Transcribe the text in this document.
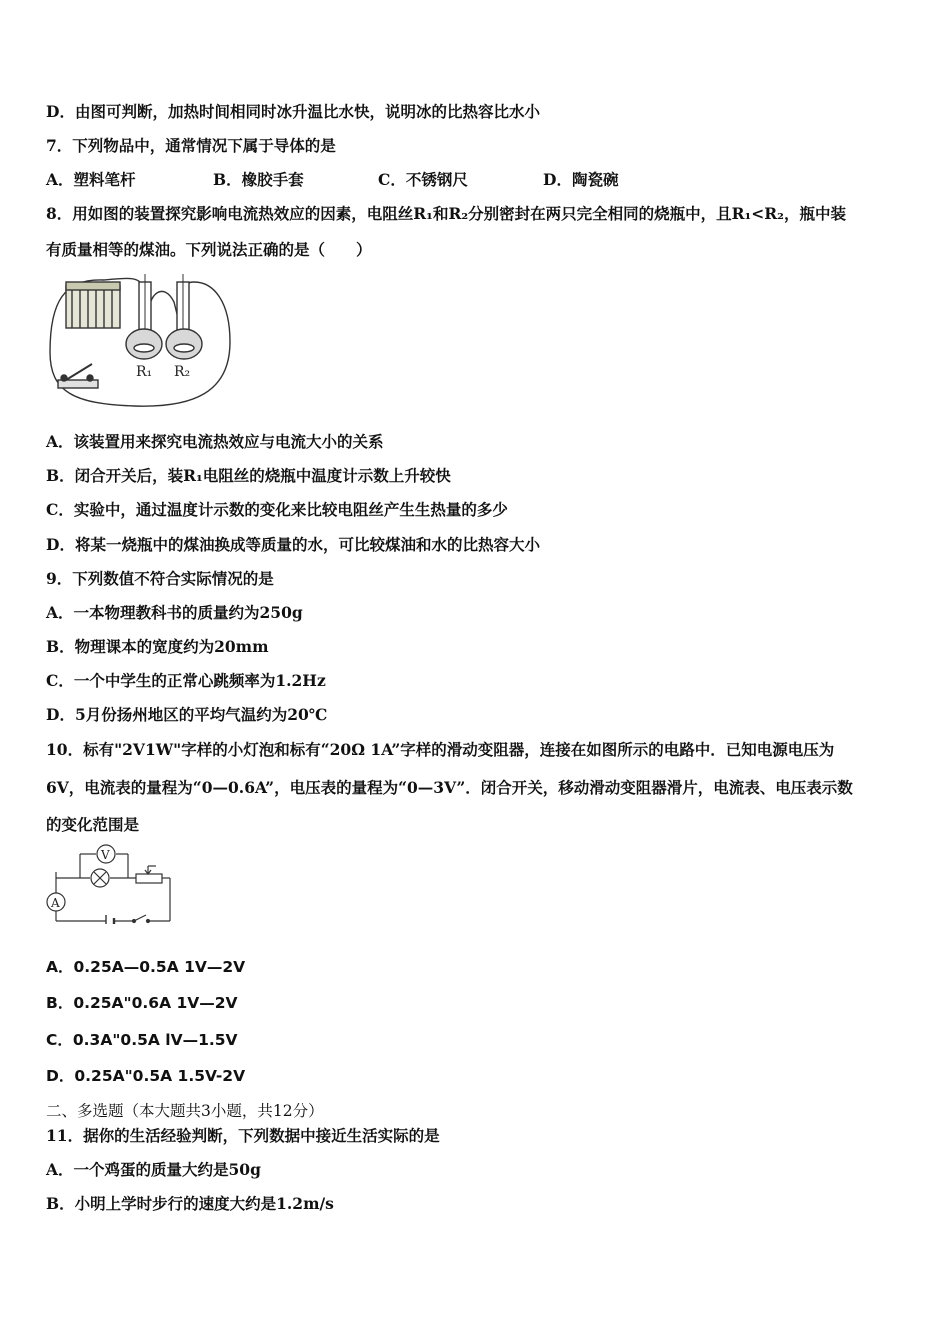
D．由图可判断，加热时间相同时冰升温比水快，说明冰的比热容比水小
7．下列物品中，通常情况下属于导体的是
A．塑料笔杆	B．橡胶手套	C．不锈钢尺	D．陶瓷碗
8．用如图的装置探究影响电流热效应的因素，电阻丝R₁和R₂分别密封在两只完全相同的烧瓶中，且R₁<R₂，瓶中装
有质量相等的煤油。下列说法正确的是（　　）
R₁ R₂
A．该装置用来探究电流热效应与电流大小的关系
B．闭合开关后，装R₁电阻丝的烧瓶中温度计示数上升较快
C．实验中，通过温度计示数的变化来比较电阻丝产生生热量的多少
D．将某一烧瓶中的煤油换成等质量的水，可比较煤油和水的比热容大小
9．下列数值不符合实际情况的是
A．一本物理教科书的质量约为250g
B．物理课本的宽度约为20mm
C．一个中学生的正常心跳频率为1.2Hz
D．5月份扬州地区的平均气温约为20℃
10．标有"2V1W"字样的小灯泡和标有“20Ω 1A”字样的滑动变阻器，连接在如图所示的电路中．已知电源电压为
6V，电流表的量程为“0—0.6A”，电压表的量程为“0—3V”．闭合开关，移动滑动变阻器滑片，电流表、电压表示数
的变化范围是
V
A
A．0.25A—0.5A 1V—2V
B．0.25A"0.6A 1V—2V
C．0.3A"0.5A lV—1.5V
D．0.25A"0.5A 1.5V-2V
二、多选题（本大题共3小题，共12分）
11．据你的生活经验判断，下列数据中接近生活实际的是
A．一个鸡蛋的质量大约是50g
B．小明上学时步行的速度大约是1.2m/s
